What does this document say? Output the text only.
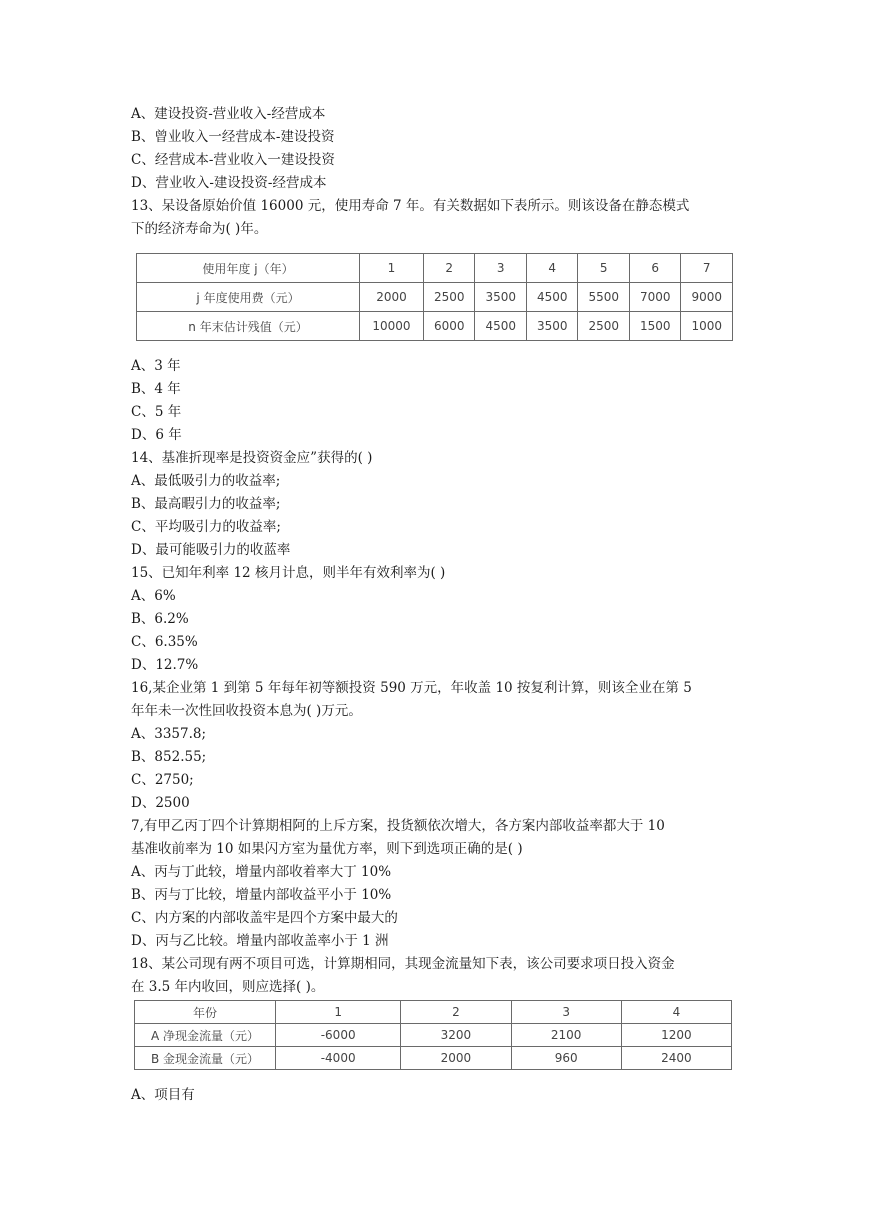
A、建设投资-营业收入-经营成本
B、曾业收入一经营成本-建设投资
C、经营成本-营业收入一建设投资
D、营业收入-建设投资-经营成本
13、呆设备原始价值 16000 元，使用寿命 7 年。有关数据如下表所示。则该设备在静态模式
下的经济寿命为( )年。
使用年度 j（年）	1	2	3	4	5	6	7
j 年度使用费（元）	2000	2500	3500	4500	5500	7000	9000
n 年末估计残值（元）	10000	6000	4500	3500	2500	1500	1000
A、3 年
B、4 年
C、5 年
D、6 年
14、基准折现率是投资资金应”获得的( )
A、最低吸引力的收益率;
B、最高暇引力的收益率;
C、平均吸引力的收益率;
D、最可能吸引力的收蓝率
15、已知年利率 12 核月计息，则半年有效利率为( )
A、6%
B、6.2%
C、6.35%
D、12.7%
16,某企业第 1 到第 5 年每年初等额投资 590 万元，年收盖 10 按复利计算，则该全业在第 5
年年未一次性回收投资本息为( )万元。
A、3357.8;
B、852.55;
C、2750;
D、2500
7,有甲乙丙丁四个计算期相阿的上斥方案，投货额依次增大，各方案内部收益率都大于 10
基准收前率为 10 如果闪方室为量优方率，则下到选项正确的是( )
A、丙与丁此较，增量内部收着率大丁 10%
B、丙与丁比较，增量内部收益平小于 10%
C、内方案的内部收盖牢是四个方案中最大的
D、丙与乙比较。增量内部收盖率小于 1 洲
18、某公司现有两不项目可选，计算期相同，其现金流量知下表，该公司要求项日投入资金
在 3.5 年内收回，则应选择( )。
年份	1	2	3	4
A 净现金流量（元）	-6000	3200	2100	1200
B 金现金流量（元）	-4000	2000	960	2400
A、项目有
